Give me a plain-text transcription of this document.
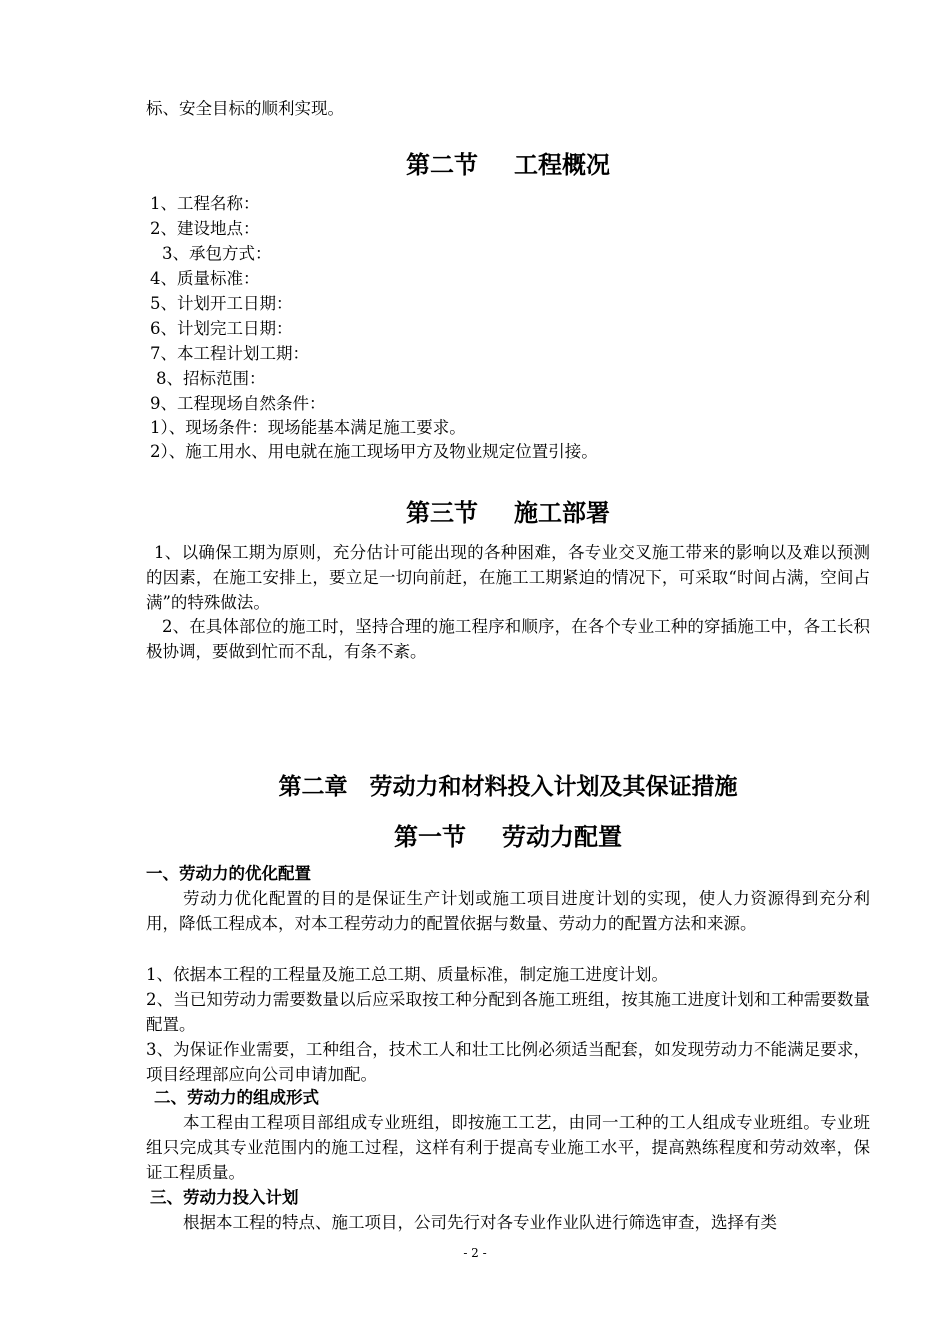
标、安全目标的顺利实现。
第二节 工程概况
1、工程名称：
2、建设地点：
3、承包方式：
4、质量标准：
5、计划开工日期：
6、计划完工日期：
7、本工程计划工期：
8、招标范围：
9、工程现场自然条件：
1）、现场条件：现场能基本满足施工要求。
2）、施工用水、用电就在施工现场甲方及物业规定位置引接。
第三节 施工部署
1、以确保工期为原则，充分估计可能出现的各种困难，各专业交叉施工带来的影响以及难以预测的因素，在施工安排上，要立足一切向前赶，在施工工期紧迫的情况下，可采取“时间占满，空间占满”的特殊做法。
2、在具体部位的施工时，坚持合理的施工程序和顺序，在各个专业工种的穿插施工中，各工长积极协调，要做到忙而不乱，有条不紊。
第二章 劳动力和材料投入计划及其保证措施
第一节 劳动力配置
一、劳动力的优化配置
劳动力优化配置的目的是保证生产计划或施工项目进度计划的实现，使人力资源得到充分利用，降低工程成本，对本工程劳动力的配置依据与数量、劳动力的配置方法和来源。
1、依据本工程的工程量及施工总工期、质量标准，制定施工进度计划。
2、当已知劳动力需要数量以后应采取按工种分配到各施工班组，按其施工进度计划和工种需要数量配置。
3、为保证作业需要，工种组合，技术工人和壮工比例必须适当配套，如发现劳动力不能满足要求，项目经理部应向公司申请加配。
二、劳动力的组成形式
本工程由工程项目部组成专业班组，即按施工工艺，由同一工种的工人组成专业班组。专业班组只完成其专业范围内的施工过程，这样有利于提高专业施工水平，提高熟练程度和劳动效率，保证工程质量。
三、劳动力投入计划
根据本工程的特点、施工项目，公司先行对各专业作业队进行筛选审查，选择有类
- 2 -
